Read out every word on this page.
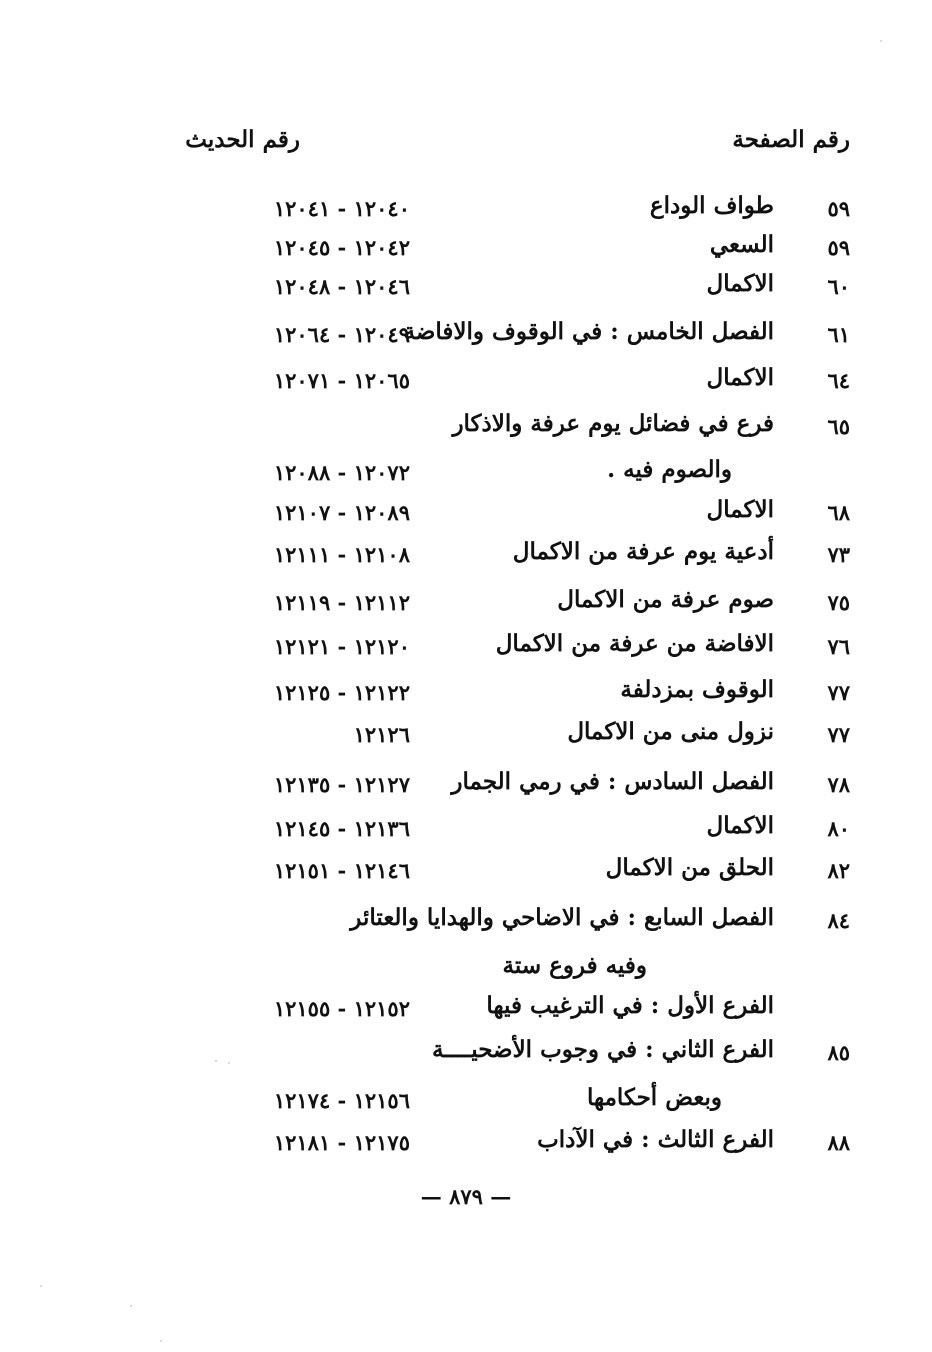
رقم الصفحة
رقم الحديث
٥٩
طواف الوداع
١٢٠٤٠ - ١٢٠٤١
٥٩
السعي
١٢٠٤٢ - ١٢٠٤٥
٦٠
الاكمال
١٢٠٤٦ - ١٢٠٤٨
٦١
الفصل الخامس : في الوقوف والافاضة
١٢٠٤٩ - ١٢٠٦٤
٦٤
الاكمال
١٢٠٦٥ - ١٢٠٧١
٦٥
فرع في فضائل يوم عرفة والاذكار
والصوم فيه .
١٢٠٧٢ - ١٢٠٨٨
٦٨
الاكمال
١٢٠٨٩ - ١٢١٠٧
٧٣
أدعية يوم عرفة من الاكمال
١٢١٠٨ - ١٢١١١
٧٥
صوم عرفة من الاكمال
١٢١١٢ - ١٢١١٩
٧٦
الافاضة من عرفة من الاكمال
١٢١٢٠ - ١٢١٢١
٧٧
الوقوف بمزدلفة
١٢١٢٢ - ١٢١٢٥
٧٧
نزول منى من الاكمال
١٢١٢٦
٧٨
الفصل السادس : في رمي الجمار
١٢١٢٧ - ١٢١٣٥
٨٠
الاكمال
١٢١٣٦ - ١٢١٤٥
٨٢
الحلق من الاكمال
١٢١٤٦ - ١٢١٥١
٨٤
الفصل السابع : في الاضاحي والهدايا والعتائر
وفيه فروع ستة
الفرع الأول : في الترغيب فيها
١٢١٥٢ - ١٢١٥٥
٨٥
الفرع الثاني : في وجوب الأضحيــــة
وبعض أحكامها
١٢١٥٦ - ١٢١٧٤
٨٨
الفرع الثالث : في الآداب
١٢١٧٥ - ١٢١٨١
— ٨٧٩ —
